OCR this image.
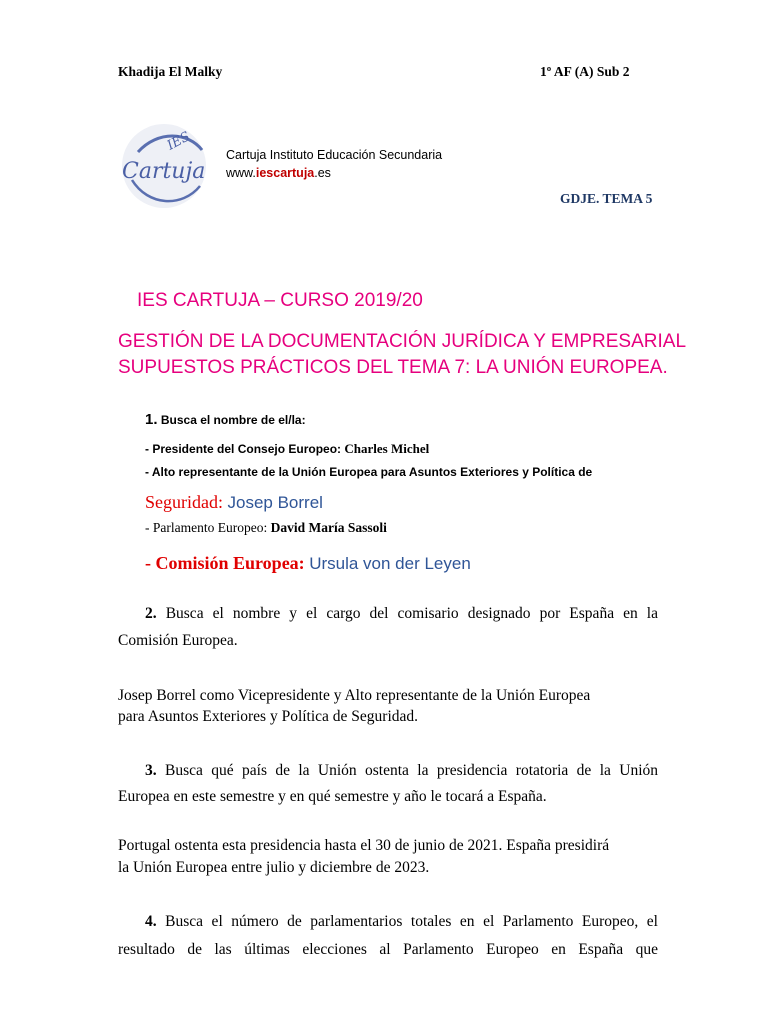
Khadija El Malky	1º AF (A) Sub 2
IES
Cartuja
Cartuja Instituto Educación Secundaria
www.iescartuja.es
GDJE. TEMA 5
IES CARTUJA – CURSO 2019/20
GESTIÓN DE LA DOCUMENTACIÓN JURÍDICA Y EMPRESARIAL
SUPUESTOS PRÁCTICOS DEL TEMA 7: LA UNIÓN EUROPEA.
1. Busca el nombre de el/la:
- Presidente del Consejo Europeo: Charles Michel
- Alto representante de la Unión Europea para Asuntos Exteriores y Política de
Seguridad: Josep Borrel
- Parlamento Europeo: David María Sassoli
- Comisión Europea: Ursula von der Leyen
2. Busca el nombre y el cargo del comisario designado por España en la
Comisión Europea.
Josep Borrel como Vicepresidente y Alto representante de la Unión Europea
para Asuntos Exteriores y Política de Seguridad.
3. Busca qué país de la Unión ostenta la presidencia rotatoria de la Unión
Europea en este semestre y en qué semestre y año le tocará a España.
Portugal ostenta esta presidencia hasta el 30 de junio de 2021. España presidirá
la Unión Europea entre julio y diciembre de 2023.
4. Busca el número de parlamentarios totales en el Parlamento Europeo, el
resultado de las últimas elecciones al Parlamento Europeo en España que
